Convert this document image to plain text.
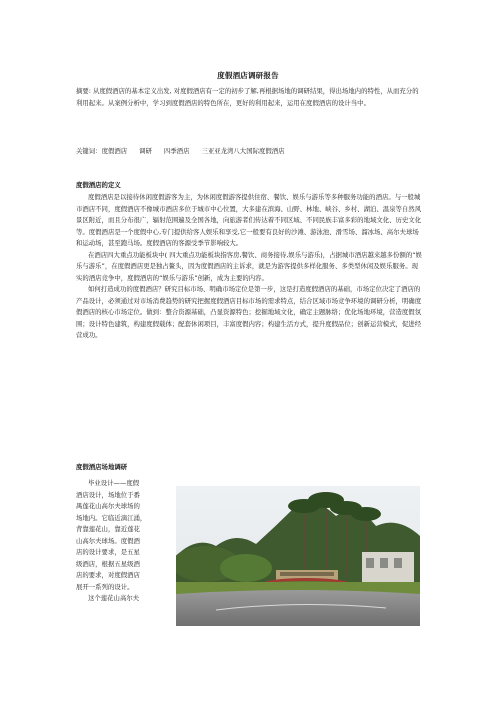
度假酒店调研报告

摘要: 从度假酒店的基本定义出发, 对度假酒店有一定的初步了解,再根据场地的调研结果，得出场地内的特性，从而充分的利用起来。从案例分析中，学习到度假酒店的特色所在，更好的利用起来，运用在度假酒店的设计当中。

关键词：度假酒店 调研 四季酒店 三亚亚龙湾八大国际度假酒店
度假酒店的定义

度假酒店是以接待休闲度假游客为主，为休闲度假游客提供住宿、餐饮、娱乐与游乐等多种服务功能的酒店。与一般城市酒店不同，度假酒店不像城市酒店多位于城市中心位置，大多建在滨海、山野、林地、峡谷、乡村、湖泊、温泉等自然风景区附近，而且分布很广，辐射范围遍及全国各地，向旅游者们传达着不同区域、不同民族丰富多彩的地域文化、历史文化等。度假酒店是一个度假中心,专门提供给客人娱乐和享受,它一般要有良好的沙滩、游泳池、滑雪场、溜冰场、高尔夫球场和运动场，甚至跑马场。度假酒店的客源受季节影响较大。

在酒店四大重点功能板块中( 四大重点功能板块指客房,餐饮、商务接待,娱乐与游乐)，占据城市酒店越来越多份额的“娱乐与游乐”，在度假酒店更是独占鳌头，因为度假酒店的主诉求，就是为游客提供多样化服务、多类型休闲及娱乐服务。现实的酒店竞争中，度假酒店的“娱乐与游乐”创新，成为主要的内容。

如何打造成功的度假酒店？研究目标市场、明确市场定位是第一步，这是打造度假酒店的基础，市场定位决定了酒店的产品设计，必须通过对市场消费趋势的研究把握度假酒店目标市场的需求特点，结合区域市场竞争环境的调研分析，明确度假酒店的核心市场定位。做到：整合资源基础，凸显资源特色；挖掘地域文化，确定主题脉络；优化场地环境，营造度假氛围；设计特色建筑，构建度假载体；配套休闲项目，丰富度假内容；构建生活方式，提升度假品位；创新运营模式，促进经营成功。

度假酒店场地调研

毕业设计——度假

酒店设计，场地位于番

禺莲花山高尔夫球场的

场地内。它临近滴江涌，

背靠莲花山，靠近莲花

山高尔夫球场。度假酒

店的设计要求，是五星

级酒店，根据五星级酒

店的要求，对度假酒店

展开一系列的设计。

这个莲花山高尔夫
